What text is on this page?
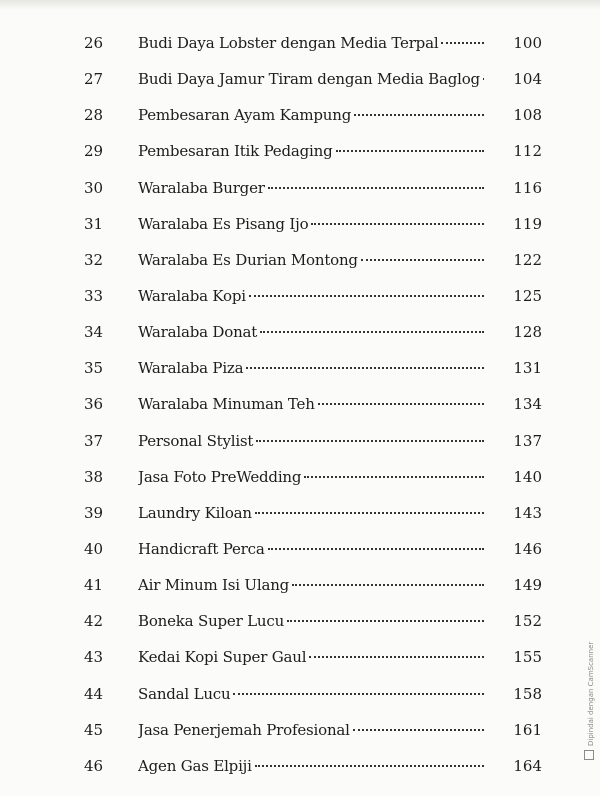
26	Budi Daya Lobster dengan Media Terpal	100
27	Budi Daya Jamur Tiram dengan Media Baglog	104
28	Pembesaran Ayam Kampung	108
29	Pembesaran Itik Pedaging	112
30	Waralaba Burger	116
31	Waralaba Es Pisang Ijo	119
32	Waralaba Es Durian Montong	122
33	Waralaba Kopi	125
34	Waralaba Donat	128
35	Waralaba Piza	131
36	Waralaba Minuman Teh	134
37	Personal Stylist	137
38	Jasa Foto PreWedding	140
39	Laundry Kiloan	143
40	Handicraft Perca	146
41	Air Minum Isi Ulang	149
42	Boneka Super Lucu	152
43	Kedai Kopi Super Gaul	155
44	Sandal Lucu	158
45	Jasa Penerjemah Profesional	161
46	Agen Gas Elpiji	164
Dipindai dengan CamScanner
